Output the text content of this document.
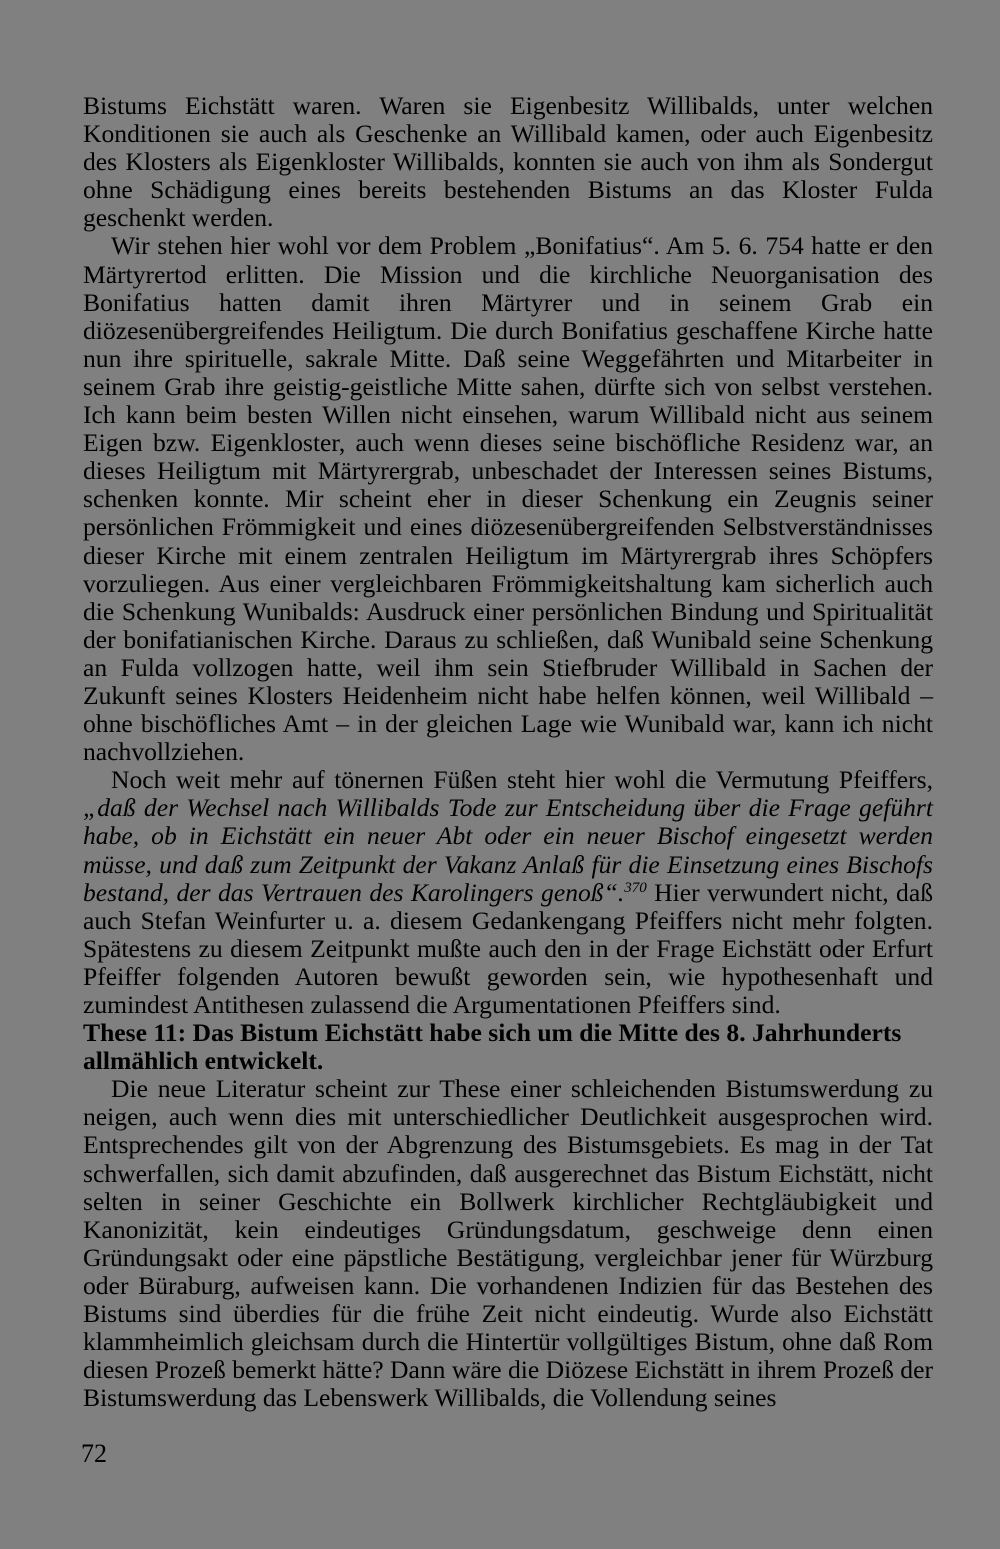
Bistums Eichstätt waren. Waren sie Eigenbesitz Willibalds, unter welchen Konditionen sie auch als Geschenke an Willibald kamen, oder auch Eigenbesitz des Klosters als Eigenkloster Willibalds, konnten sie auch von ihm als Sondergut ohne Schädigung eines bereits bestehenden Bistums an das Kloster Fulda geschenkt werden.

Wir stehen hier wohl vor dem Problem „Bonifatius“. Am 5. 6. 754 hatte er den Märtyrertod erlitten. Die Mission und die kirchliche Neuorganisation des Bonifatius hatten damit ihren Märtyrer und in seinem Grab ein diözesenübergreifendes Heiligtum. Die durch Bonifatius geschaffene Kirche hatte nun ihre spirituelle, sakrale Mitte. Daß seine Weggefährten und Mitarbeiter in seinem Grab ihre geistig-geistliche Mitte sahen, dürfte sich von selbst verstehen. Ich kann beim besten Willen nicht einsehen, warum Willibald nicht aus seinem Eigen bzw. Eigenkloster, auch wenn dieses seine bischöfliche Residenz war, an dieses Heiligtum mit Märtyrergrab, unbeschadet der Interessen seines Bistums, schenken konnte. Mir scheint eher in dieser Schenkung ein Zeugnis seiner persönlichen Frömmigkeit und eines diözesenübergreifenden Selbstverständnisses dieser Kirche mit einem zentralen Heiligtum im Märtyrergrab ihres Schöpfers vorzuliegen. Aus einer vergleichbaren Frömmigkeitshaltung kam sicherlich auch die Schenkung Wunibalds: Ausdruck einer persönlichen Bindung und Spiritualität der bonifatianischen Kirche. Daraus zu schließen, daß Wunibald seine Schenkung an Fulda vollzogen hatte, weil ihm sein Stiefbruder Willibald in Sachen der Zukunft seines Klosters Heidenheim nicht habe helfen können, weil Willibald – ohne bischöfliches Amt – in der gleichen Lage wie Wunibald war, kann ich nicht nachvollziehen.

Noch weit mehr auf tönernen Füßen steht hier wohl die Vermutung Pfeiffers, „daß der Wechsel nach Willibalds Tode zur Entscheidung über die Frage geführt habe, ob in Eichstätt ein neuer Abt oder ein neuer Bischof eingesetzt werden müsse, und daß zum Zeitpunkt der Vakanz Anlaß für die Einsetzung eines Bischofs bestand, der das Vertrauen des Karolingers genoß“.$^{370}$ Hier verwundert nicht, daß auch Stefan Weinfurter u. a. diesem Gedankengang Pfeiffers nicht mehr folgten. Spätestens zu diesem Zeitpunkt mußte auch den in der Frage Eichstätt oder Erfurt Pfeiffer folgenden Autoren bewußt geworden sein, wie hypothesenhaft und zumindest Antithesen zulassend die Argumentationen Pfeiffers sind.

These 11: Das Bistum Eichstätt habe sich um die Mitte des 8. Jahrhunderts allmählich entwickelt.

Die neue Literatur scheint zur These einer schleichenden Bistumswerdung zu neigen, auch wenn dies mit unterschiedlicher Deutlichkeit ausgesprochen wird. Entsprechendes gilt von der Abgrenzung des Bistumsgebiets. Es mag in der Tat schwerfallen, sich damit abzufinden, daß ausgerechnet das Bistum Eichstätt, nicht selten in seiner Geschichte ein Bollwerk kirchlicher Rechtgläubigkeit und Kanonizität, kein eindeutiges Gründungsdatum, geschweige denn einen Gründungsakt oder eine päpstliche Bestätigung, vergleichbar jener für Würzburg oder Büraburg, aufweisen kann. Die vorhandenen Indizien für das Bestehen des Bistums sind überdies für die frühe Zeit nicht eindeutig. Wurde also Eichstätt klammheimlich gleichsam durch die Hintertür vollgültiges Bistum, ohne daß Rom diesen Prozeß bemerkt hätte? Dann wäre die Diözese Eichstätt in ihrem Prozeß der Bistumswerdung das Lebenswerk Willibalds, die Vollendung seines

72
